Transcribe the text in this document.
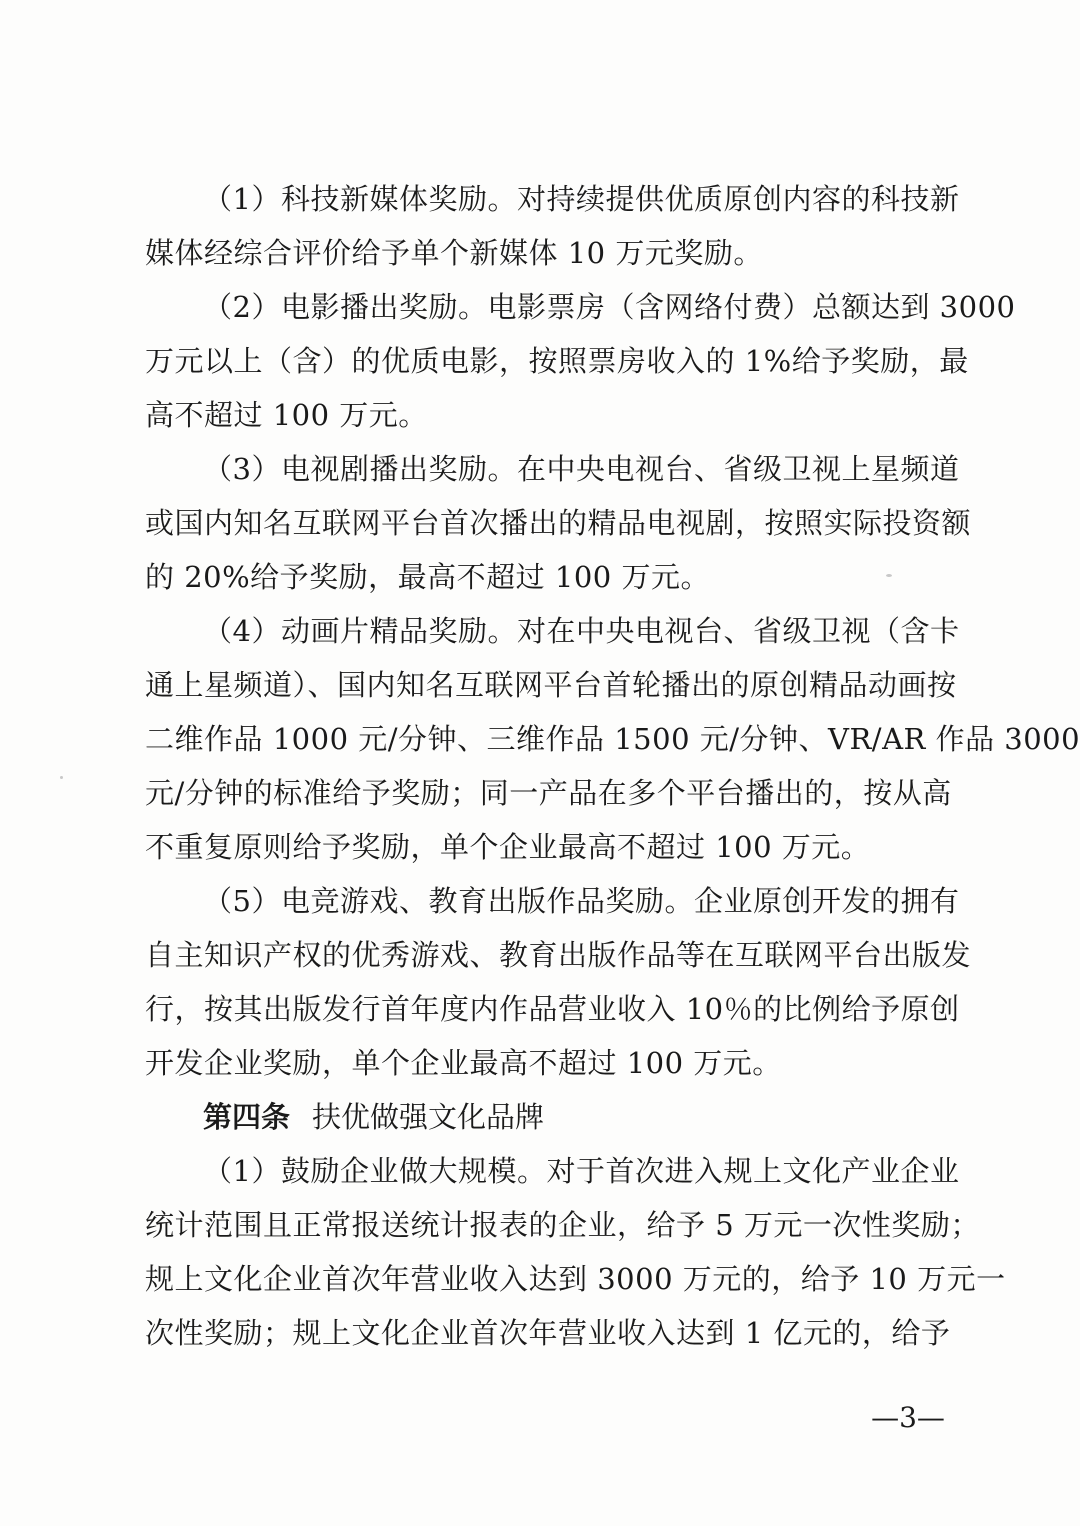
（1）科技新媒体奖励。对持续提供优质原创内容的科技新
媒体经综合评价给予单个新媒体 10 万元奖励。
（2）电影播出奖励。电影票房（含网络付费）总额达到 3000
万元以上（含）的优质电影，按照票房收入的 1%给予奖励，最
高不超过 100 万元。
（3）电视剧播出奖励。在中央电视台、省级卫视上星频道
或国内知名互联网平台首次播出的精品电视剧，按照实际投资额
的 20%给予奖励，最高不超过 100 万元。
（4）动画片精品奖励。对在中央电视台、省级卫视（含卡
通上星频道）、国内知名互联网平台首轮播出的原创精品动画按
二维作品 1000 元/分钟、三维作品 1500 元/分钟、VR/AR 作品 3000
元/分钟的标准给予奖励；同一产品在多个平台播出的，按从高
不重复原则给予奖励，单个企业最高不超过 100 万元。
（5）电竞游戏、教育出版作品奖励。企业原创开发的拥有
自主知识产权的优秀游戏、教育出版作品等在互联网平台出版发
行，按其出版发行首年度内作品营业收入 10％的比例给予原创
开发企业奖励，单个企业最高不超过 100 万元。
第四条 扶优做强文化品牌
（1）鼓励企业做大规模。对于首次进入规上文化产业企业
统计范围且正常报送统计报表的企业，给予 5 万元一次性奖励；
规上文化企业首次年营业收入达到 3000 万元的，给予 10 万元一
次性奖励；规上文化企业首次年营业收入达到 1 亿元的，给予
—3—
